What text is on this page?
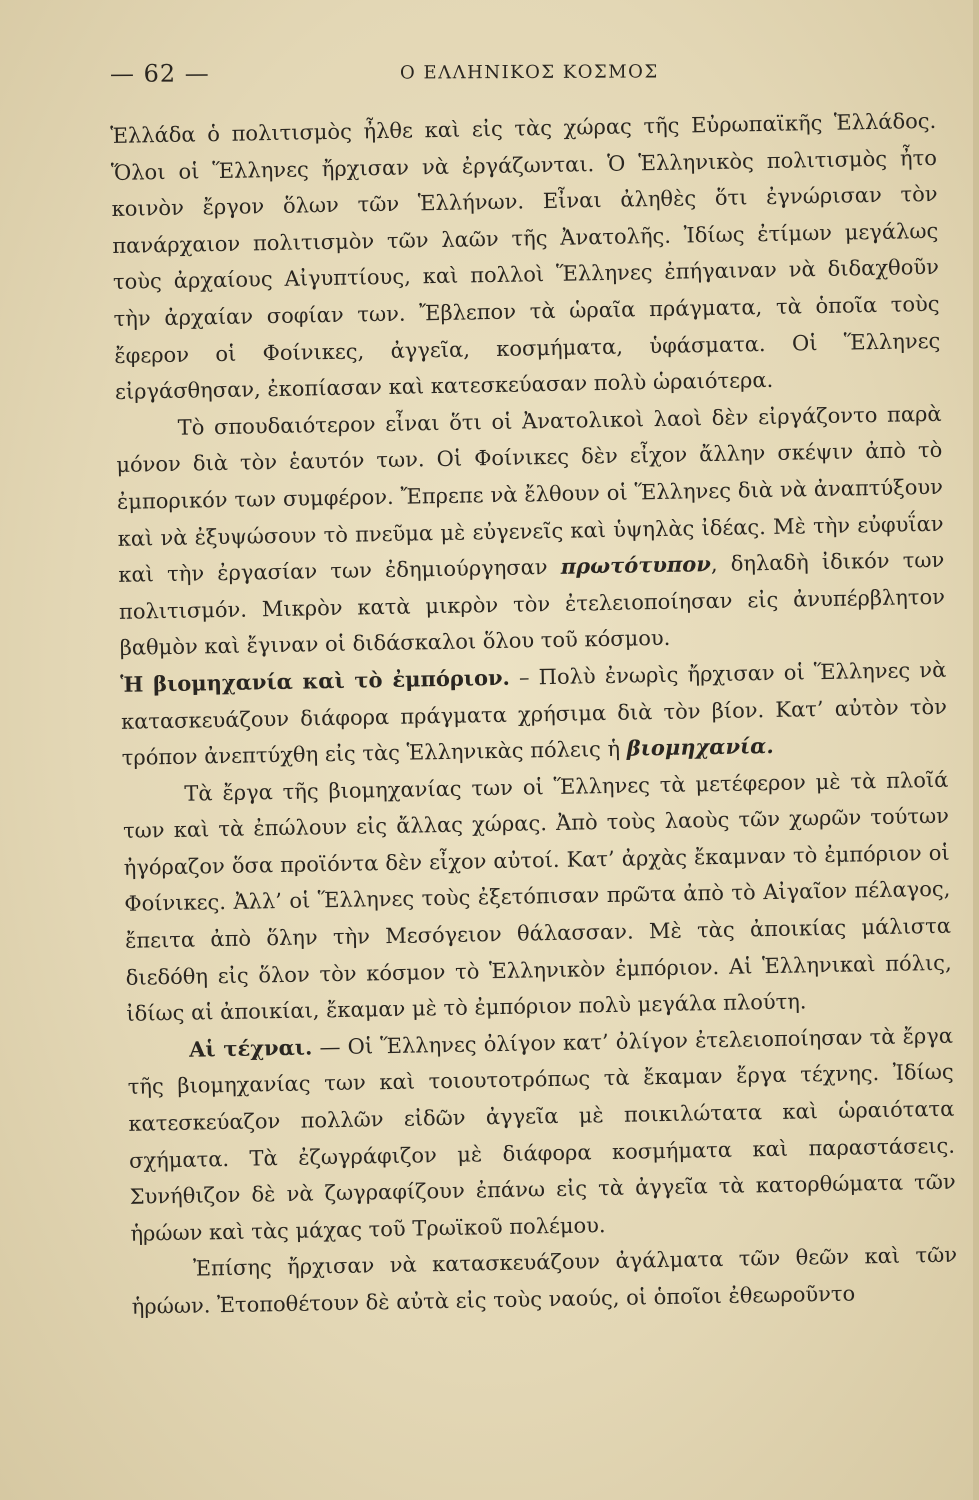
— 62 —	Ο ΕΛΛΗΝΙΚΟΣ ΚΟΣΜΟΣ

Ἑλλάδα ὁ πολιτισμὸς ἦλθε καὶ εἰς τὰς χώρας τῆς Εὐρωπαϊκῆς Ἑλλάδος. Ὅλοι οἱ Ἕλληνες ἤρχισαν νὰ ἐργάζωνται. Ὁ Ἑλληνικὸς πολιτισμὸς ἦτο κοινὸν ἔργον ὅλων τῶν Ἑλλήνων. Εἶναι ἀληθὲς ὅτι ἐγνώρισαν τὸν πανάρχαιον πολιτισμὸν τῶν λαῶν τῆς Ἀνατολῆς. Ἰδίως ἐτίμων μεγάλως τοὺς ἀρχαίους Αἰγυπτίους, καὶ πολλοὶ Ἕλληνες ἐπήγαιναν νὰ διδαχθοῦν τὴν ἀρχαίαν σοφίαν των. Ἔβλεπον τὰ ὡραῖα πράγματα, τὰ ὁποῖα τοὺς ἔφερον οἱ Φοίνικες, ἀγγεῖα, κοσμήματα, ὑφάσματα. Οἱ Ἕλληνες εἰργάσθησαν, ἐκοπίασαν καὶ κατεσκεύασαν πολὺ ὡραιότερα.

Τὸ σπουδαιότερον εἶναι ὅτι οἱ Ἀνατολικοὶ λαοὶ δὲν εἰργάζοντο παρὰ μόνον διὰ τὸν ἑαυτόν των. Οἱ Φοίνικες δὲν εἶχον ἄλλην σκέψιν ἀπὸ τὸ ἐμπορικόν των συμφέρον. Ἔπρεπε νὰ ἔλθουν οἱ Ἕλληνες διὰ νὰ ἀναπτύξουν καὶ νὰ ἐξυψώσουν τὸ πνεῦμα μὲ εὐγενεῖς καὶ ὑψηλὰς ἰδέας. Μὲ τὴν εὐφυΐαν καὶ τὴν ἐργασίαν των ἐδημιούργησαν πρωτότυπον, δηλαδὴ ἰδικόν των πολιτισμόν. Μικρὸν κατὰ μικρὸν τὸν ἐτελειοποίησαν εἰς ἀνυπέρβλητον βαθμὸν καὶ ἔγιναν οἱ διδάσκαλοι ὅλου τοῦ κόσμου.

Ἡ βιομηχανία καὶ τὸ ἐμπόριον. – Πολὺ ἐνωρὶς ἤρχισαν οἱ Ἕλληνες νὰ κατασκευάζουν διάφορα πράγματα χρήσιμα διὰ τὸν βίον. Κατ’ αὐτὸν τὸν τρόπον ἀνεπτύχθη εἰς τὰς Ἑλληνικὰς πόλεις ἡ βιομηχανία.

Τὰ ἔργα τῆς βιομηχανίας των οἱ Ἕλληνες τὰ μετέφερον μὲ τὰ πλοῖά των καὶ τὰ ἐπώλουν εἰς ἄλλας χώρας. Ἀπὸ τοὺς λαοὺς τῶν χωρῶν τούτων ἠγόραζον ὅσα προϊόντα δὲν εἶχον αὐτοί. Κατ’ ἀρχὰς ἔκαμναν τὸ ἐμπόριον οἱ Φοίνικες. Ἀλλ’ οἱ Ἕλληνες τοὺς ἐξετόπισαν πρῶτα ἀπὸ τὸ Αἰγαῖον πέλαγος, ἔπειτα ἀπὸ ὅλην τὴν Μεσόγειον θάλασσαν. Μὲ τὰς ἀποικίας μάλιστα διεδόθη εἰς ὅλον τὸν κόσμον τὸ Ἑλληνικὸν ἐμπόριον. Αἱ Ἑλληνικαὶ πόλις, ἰδίως αἱ ἀποικίαι, ἔκαμαν μὲ τὸ ἐμπόριον πολὺ μεγάλα πλούτη.

Αἱ τέχναι. — Οἱ Ἕλληνες ὀλίγον κατ’ ὀλίγον ἐτελειοποίησαν τὰ ἔργα τῆς βιομηχανίας των καὶ τοιουτοτρόπως τὰ ἔκαμαν ἔργα τέχνης. Ἰδίως κατεσκεύαζον πολλῶν εἰδῶν ἀγγεῖα μὲ ποικιλώτατα καὶ ὡραιότατα σχήματα. Τὰ ἐζωγράφιζον μὲ διάφορα κοσμήματα καὶ παραστάσεις. Συνήθιζον δὲ νὰ ζωγραφίζουν ἐπάνω εἰς τὰ ἀγγεῖα τὰ κατορθώματα τῶν ἡρώων καὶ τὰς μάχας τοῦ Τρωϊκοῦ πολέμου.

Ἐπίσης ἤρχισαν νὰ κατασκευάζουν ἀγάλματα τῶν θεῶν καὶ τῶν ἡρώων. Ἐτοποθέτουν δὲ αὐτὰ εἰς τοὺς ναούς, οἱ ὁποῖοι ἐθεωροῦντο
